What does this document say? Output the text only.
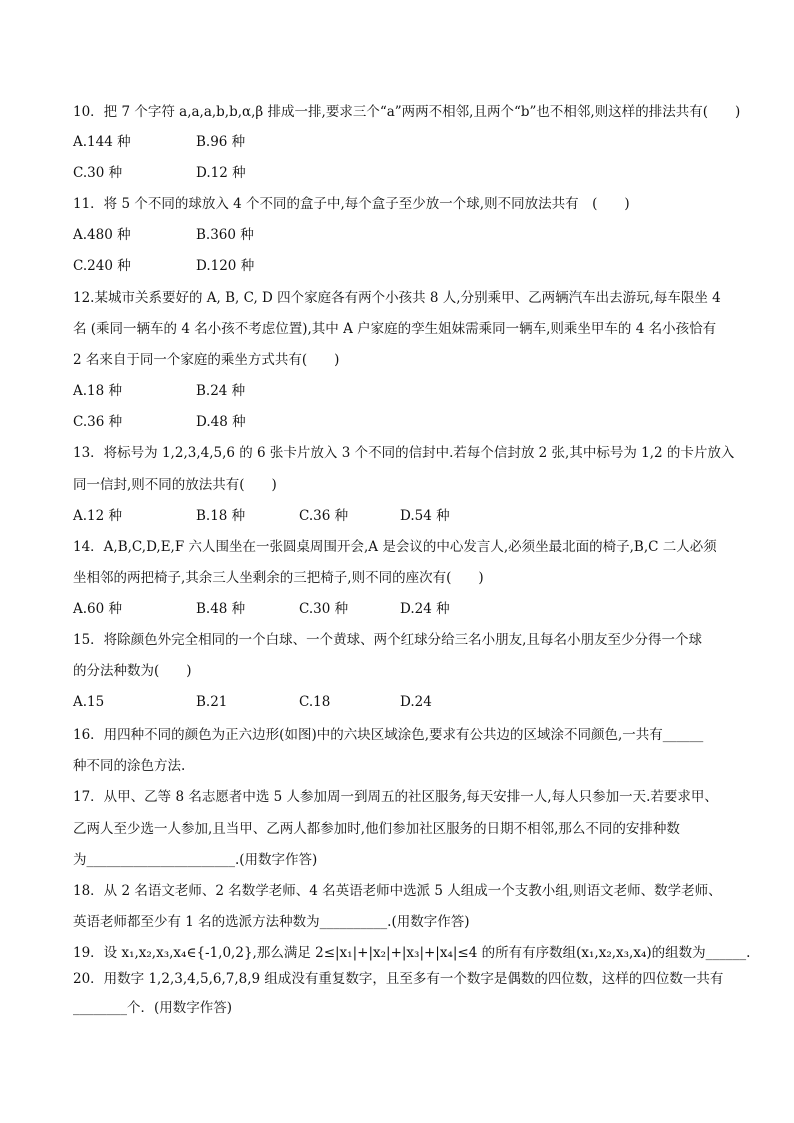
10．把 7 个字符 a,a,a,b,b,α,β 排成一排,要求三个“a”两两不相邻,且两个“b”也不相邻,则这样的排法共有(　　)
A.144 种	B.96 种
C.30 种	D.12 种
11．将 5 个不同的球放入 4 个不同的盒子中,每个盒子至少放一个球,则不同放法共有　(　　)
A.480 种	B.360 种
C.240 种	D.120 种
12.某城市关系要好的 A, B, C, D 四个家庭各有两个小孩共 8 人,分别乘甲、乙两辆汽车出去游玩,每车限坐 4
名 (乘同一辆车的 4 名小孩不考虑位置),其中 A 户家庭的孪生姐妹需乘同一辆车,则乘坐甲车的 4 名小孩恰有
2 名来自于同一个家庭的乘坐方式共有(　　)
A.18 种	B.24 种
C.36 种	D.48 种
13．将标号为 1,2,3,4,5,6 的 6 张卡片放入 3 个不同的信封中.若每个信封放 2 张,其中标号为 1,2 的卡片放入
同一信封,则不同的放法共有(　　)
A.12 种	B.18 种	C.36 种	D.54 种
14．A,B,C,D,E,F 六人围坐在一张圆桌周围开会,A 是会议的中心发言人,必须坐最北面的椅子,B,C 二人必须
坐相邻的两把椅子,其余三人坐剩余的三把椅子,则不同的座次有(　　)
A.60 种	B.48 种	C.30 种	D.24 种
15．将除颜色外完全相同的一个白球、一个黄球、两个红球分给三名小朋友,且每名小朋友至少分得一个球
的分法种数为(　　)
A.15	B.21	C.18	D.24
16．用四种不同的颜色为正六边形(如图)中的六块区域涂色,要求有公共边的区域涂不同颜色,一共有______
种不同的涂色方法.
17．从甲、乙等 8 名志愿者中选 5 人参加周一到周五的社区服务,每天安排一人,每人只参加一天.若要求甲、
乙两人至少选一人参加,且当甲、乙两人都参加时,他们参加社区服务的日期不相邻,那么不同的安排种数
为______________________.(用数字作答)
18．从 2 名语文老师、2 名数学老师、4 名英语老师中选派 5 人组成一个支教小组,则语文老师、数学老师、
英语老师都至少有 1 名的选派方法种数为__________.(用数字作答)
19．设 x₁,x₂,x₃,x₄∈{-1,0,2},那么满足 2≤|x₁|+|x₂|+|x₃|+|x₄|≤4 的所有有序数组(x₁,x₂,x₃,x₄)的组数为______.
20．用数字 1,2,3,4,5,6,7,8,9 组成没有重复数字，且至多有一个数字是偶数的四位数，这样的四位数一共有
________个．(用数字作答)
